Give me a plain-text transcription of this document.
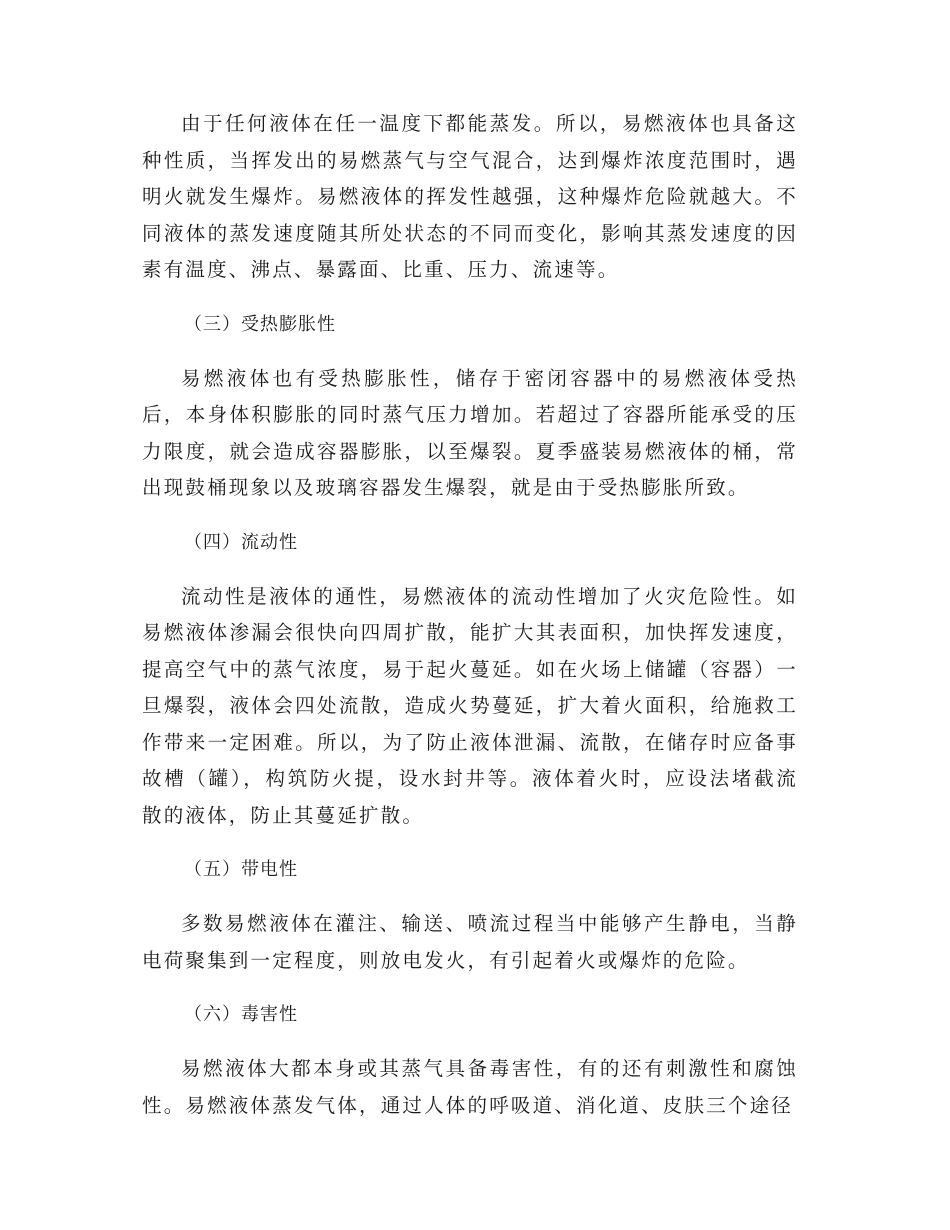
由于任何液体在任一温度下都能蒸发。所以，易燃液体也具备这种性质，当挥发出的易燃蒸气与空气混合，达到爆炸浓度范围时，遇明火就发生爆炸。易燃液体的挥发性越强，这种爆炸危险就越大。不同液体的蒸发速度随其所处状态的不同而变化，影响其蒸发速度的因素有温度、沸点、暴露面、比重、压力、流速等。

（三）受热膨胀性

易燃液体也有受热膨胀性，储存于密闭容器中的易燃液体受热后，本身体积膨胀的同时蒸气压力增加。若超过了容器所能承受的压力限度，就会造成容器膨胀，以至爆裂。夏季盛装易燃液体的桶，常出现鼓桶现象以及玻璃容器发生爆裂，就是由于受热膨胀所致。

（四）流动性

流动性是液体的通性，易燃液体的流动性增加了火灾危险性。如易燃液体渗漏会很快向四周扩散，能扩大其表面积，加快挥发速度，提高空气中的蒸气浓度，易于起火蔓延。如在火场上储罐（容器）一旦爆裂，液体会四处流散，造成火势蔓延，扩大着火面积，给施救工作带来一定困难。所以，为了防止液体泄漏、流散，在储存时应备事故槽（罐），构筑防火提，设水封井等。液体着火时，应设法堵截流散的液体，防止其蔓延扩散。

（五）带电性

多数易燃液体在灌注、输送、喷流过程当中能够产生静电，当静电荷聚集到一定程度，则放电发火，有引起着火或爆炸的危险。

（六）毒害性

易燃液体大都本身或其蒸气具备毒害性，有的还有刺激性和腐蚀性。易燃液体蒸发气体，通过人体的呼吸道、消化道、皮肤三个途径
